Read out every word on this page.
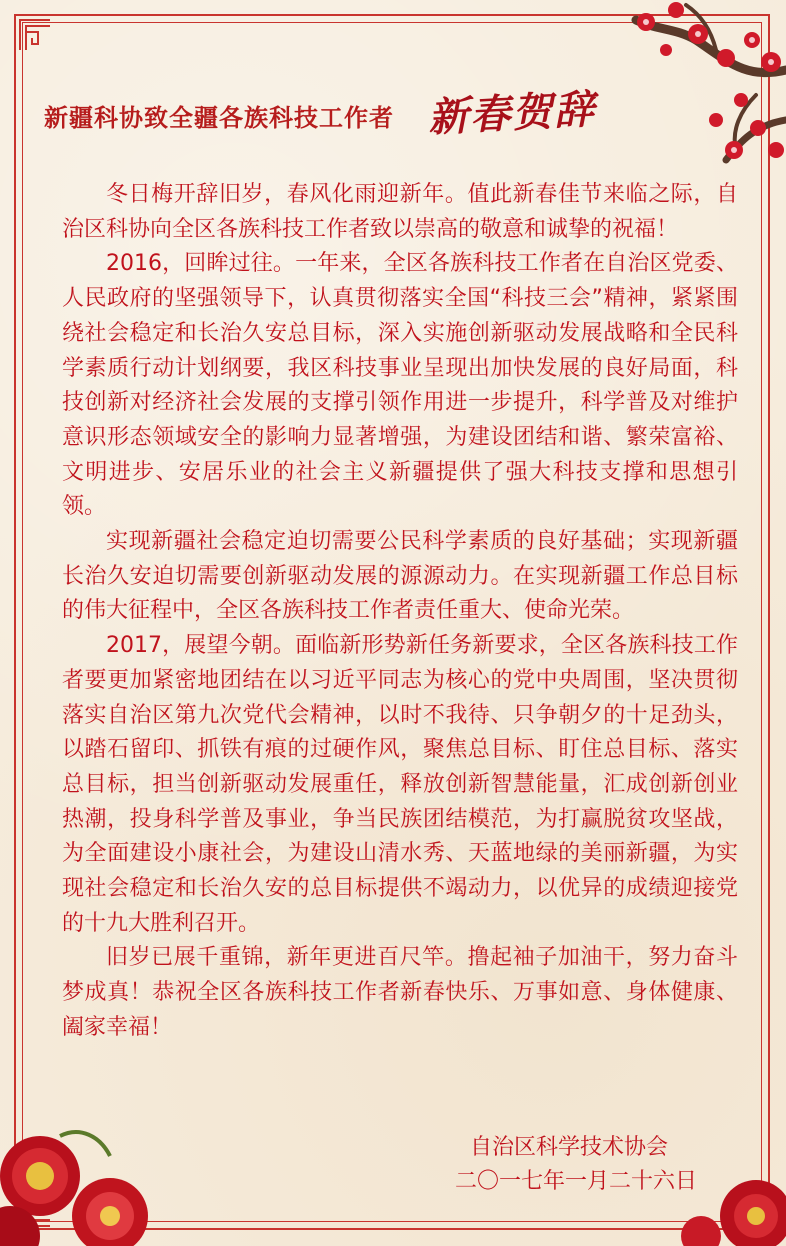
新疆科协致全疆各族科技工作者 新春贺辞

冬日梅开辞旧岁，春风化雨迎新年。值此新春佳节来临之际，自治区科协向全区各族科技工作者致以崇高的敬意和诚挚的祝福！

2016，回眸过往。一年来，全区各族科技工作者在自治区党委、人民政府的坚强领导下，认真贯彻落实全国“科技三会”精神，紧紧围绕社会稳定和长治久安总目标，深入实施创新驱动发展战略和全民科学素质行动计划纲要，我区科技事业呈现出加快发展的良好局面，科技创新对经济社会发展的支撑引领作用进一步提升，科学普及对维护意识形态领域安全的影响力显著增强，为建设团结和谐、繁荣富裕、文明进步、安居乐业的社会主义新疆提供了强大科技支撑和思想引领。

实现新疆社会稳定迫切需要公民科学素质的良好基础；实现新疆长治久安迫切需要创新驱动发展的源源动力。在实现新疆工作总目标的伟大征程中，全区各族科技工作者责任重大、使命光荣。

2017，展望今朝。面临新形势新任务新要求，全区各族科技工作者要更加紧密地团结在以习近平同志为核心的党中央周围，坚决贯彻落实自治区第九次党代会精神，以时不我待、只争朝夕的十足劲头，以踏石留印、抓铁有痕的过硬作风，聚焦总目标、盯住总目标、落实总目标，担当创新驱动发展重任，释放创新智慧能量，汇成创新创业热潮，投身科学普及事业，争当民族团结模范，为打赢脱贫攻坚战，为全面建设小康社会，为建设山清水秀、天蓝地绿的美丽新疆，为实现社会稳定和长治久安的总目标提供不竭动力，以优异的成绩迎接党的十九大胜利召开。

旧岁已展千重锦，新年更进百尺竿。撸起袖子加油干，努力奋斗梦成真！恭祝全区各族科技工作者新春快乐、万事如意、身体健康、阖家幸福！

自治区科学技术协会
二〇一七年一月二十六日
